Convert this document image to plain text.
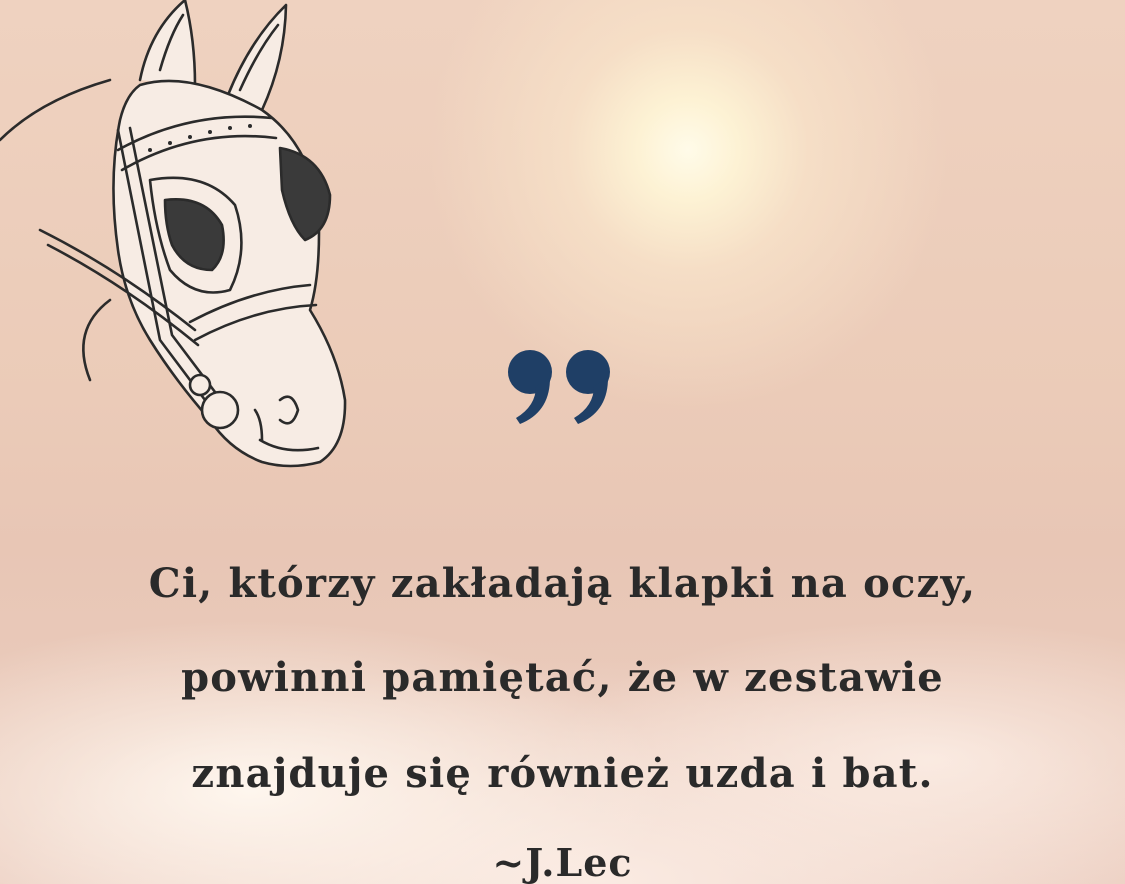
Ci, którzy zakładają klapki na oczy,
powinni pamiętać, że w zestawie
znajduje się również uzda i bat.
~J.Lec
